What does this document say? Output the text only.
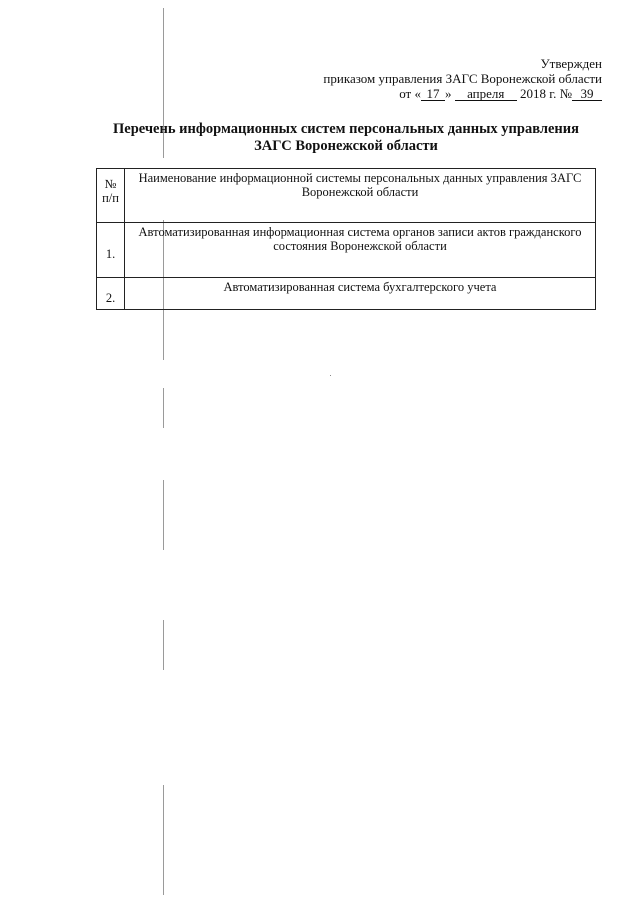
Утвержден
приказом управления ЗАГС Воронежской области
от « 17 » апреля 2018 г. № 39
Перечень информационных систем персональных данных управления ЗАГС Воронежской области
№ п/п	Наименование информационной системы персональных данных управления ЗАГС Воронежской области
1.	Автоматизированная информационная система органов записи актов гражданского состояния Воронежской области
2.	Автоматизированная система бухгалтерского учета
